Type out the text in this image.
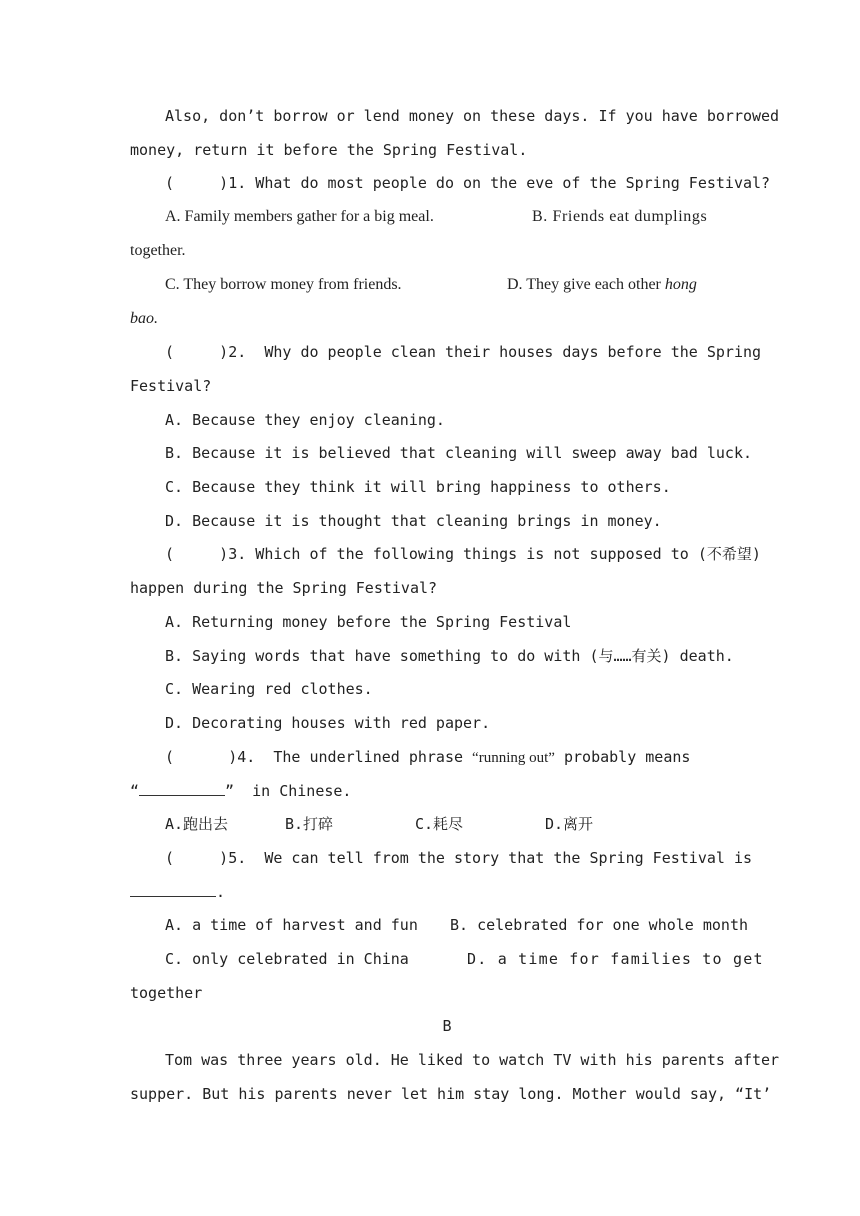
Also, don’t borrow or lend money on these days. If you have borrowed
money, return it before the Spring Festival.
(     )1. What do most people do on the eve of the Spring Festival?
A. Family members gather for a big meal.	B. Friends eat dumplings
together.
C. They borrow money from friends.	D. They give each other hong
bao.
(     )2.  Why do people clean their houses days before the Spring
Festival?
A. Because they enjoy cleaning.
B. Because it is believed that cleaning will sweep away bad luck.
C. Because they think it will bring happiness to others.
D. Because it is thought that cleaning brings in money.
(     )3. Which of the following things is not supposed to (不希望)
happen during the Spring Festival?
A. Returning money before the Spring Festival
B. Saying words that have something to do with (与……有关) death.
C. Wearing red clothes.
D. Decorating houses with red paper.
(      )4.  The underlined phrase “running out” probably means
“	”  in Chinese.
A.跑出去	B.打碎	C.耗尽	D.离开
(     )5.  We can tell from the story that the Spring Festival is
.
A. a time of harvest and fun B. celebrated for one whole month
C. only celebrated in China	D. a time for families to get
together
B
Tom was three years old. He liked to watch TV with his parents after
supper. But his parents never let him stay long. Mother would say, “It’
